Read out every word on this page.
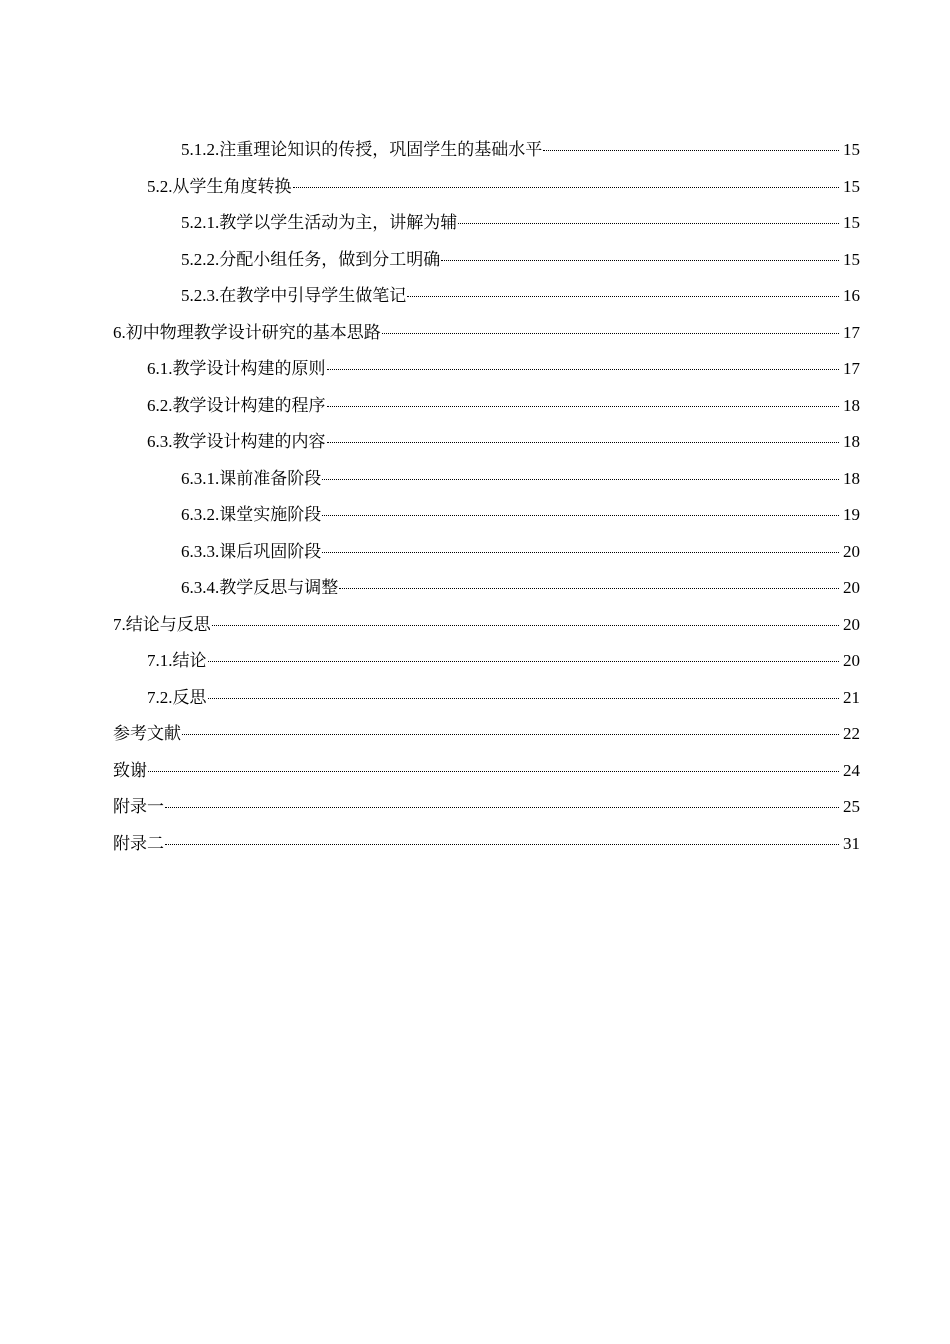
5.1.2. 注重理论知识的传授，巩固学生的基础水平	15
5.2. 从学生角度转换	15
5.2.1. 教学以学生活动为主，讲解为辅	15
5.2.2. 分配小组任务，做到分工明确	15
5.2.3. 在教学中引导学生做笔记	16
6. 初中物理教学设计研究的基本思路	17
6.1. 教学设计构建的原则	17
6.2. 教学设计构建的程序	18
6.3. 教学设计构建的内容	18
6.3.1. 课前准备阶段	18
6.3.2. 课堂实施阶段	19
6.3.3. 课后巩固阶段	20
6.3.4. 教学反思与调整	20
7. 结论与反思	20
7.1. 结论	20
7.2. 反思	21
参考文献	22
致谢	24
附录一	25
附录二	31
